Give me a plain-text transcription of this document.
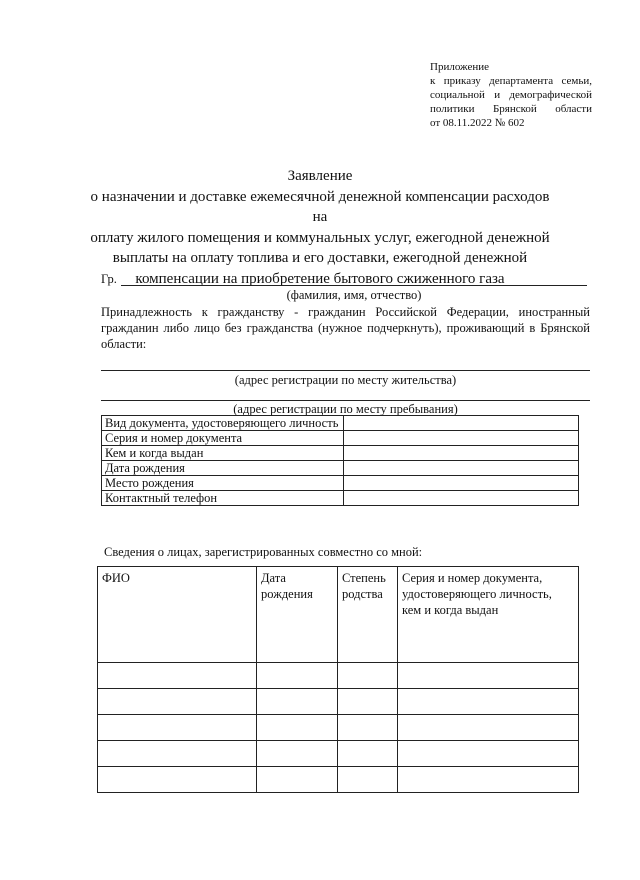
Приложение
к приказу департамента семьи,
социальной и демографической
политики Брянской области
от 08.11.2022 № 602
Заявление
о назначении и доставке ежемесячной денежной компенсации расходов на
оплату жилого помещения и коммунальных услуг, ежегодной денежной
выплаты на оплату топлива и его доставки, ежегодной денежной
компенсации на приобретение бытового сжиженного газа
Гр.
(фамилия, имя, отчество)
Принадлежность к гражданству - гражданин Российской Федерации, иностранный гражданин либо лицо без гражданства (нужное подчеркнуть), проживающий в Брянской области:
(адрес регистрации по месту жительства)
(адрес регистрации по месту пребывания)
Вид документа, удостоверяющего личность	
Серия и номер документа	
Кем и когда выдан	
Дата рождения	
Место рождения	
Контактный телефон	
Сведения о лицах, зарегистрированных совместно со мной:
ФИО	Дата рождения	Степень родства	Серия и номер документа, удостоверяющего личность, кем и когда выдан
